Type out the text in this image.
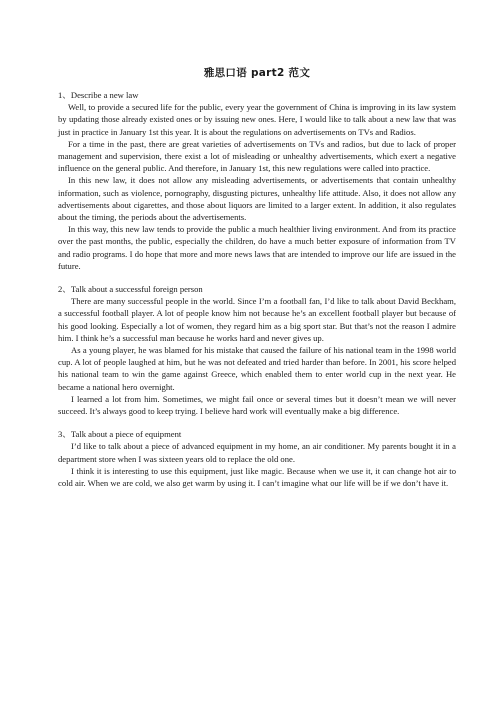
雅思口语 part2 范文

1、Describe a new law

Well, to provide a secured life for the public, every year the government of China is improving in its law system by updating those already existed ones or by issuing new ones. Here, I would like to talk about a new law that was just in practice in January 1st this year. It is about the regulations on advertisements on TVs and Radios.

For a time in the past, there are great varieties of advertisements on TVs and radios, but due to lack of proper management and supervision, there exist a lot of misleading or unhealthy advertisements, which exert a negative influence on the general public. And therefore, in January 1st, this new regulations were called into practice.

In this new law, it does not allow any misleading advertisements, or advertisements that contain unhealthy information, such as violence, pornography, disgusting pictures, unhealthy life attitude. Also, it does not allow any advertisements about cigarettes, and those about liquors are limited to a larger extent. In addition, it also regulates about the timing, the periods about the advertisements.

In this way, this new law tends to provide the public a much healthier living environment. And from its practice over the past months, the public, especially the children, do have a much better exposure of information from TV and radio programs. I do hope that more and more news laws that are intended to improve our life are issued in the future.

2、Talk about a successful foreign person

There are many successful people in the world. Since I’m a football fan, I’d like to talk about David Beckham, a successful football player. A lot of people know him not because he’s an excellent football player but because of his good looking. Especially a lot of women, they regard him as a big sport star. But that’s not the reason I admire him. I think he’s a successful man because he works hard and never gives up.

As a young player, he was blamed for his mistake that caused the failure of his national team in the 1998 world cup. A lot of people laughed at him, but he was not defeated and tried harder than before. In 2001, his score helped his national team to win the game against Greece, which enabled them to enter world cup in the next year. He became a national hero overnight.

I learned a lot from him. Sometimes, we might fail once or several times but it doesn’t mean we will never succeed. It’s always good to keep trying. I believe hard work will eventually make a big difference.

3、Talk about a piece of equipment

I’d like to talk about a piece of advanced equipment in my home, an air conditioner. My parents bought it in a department store when I was sixteen years old to replace the old one.

I think it is interesting to use this equipment, just like magic. Because when we use it, it can change hot air to cold air. When we are cold, we also get warm by using it. I can’t imagine what our life will be if we don’t have it.
